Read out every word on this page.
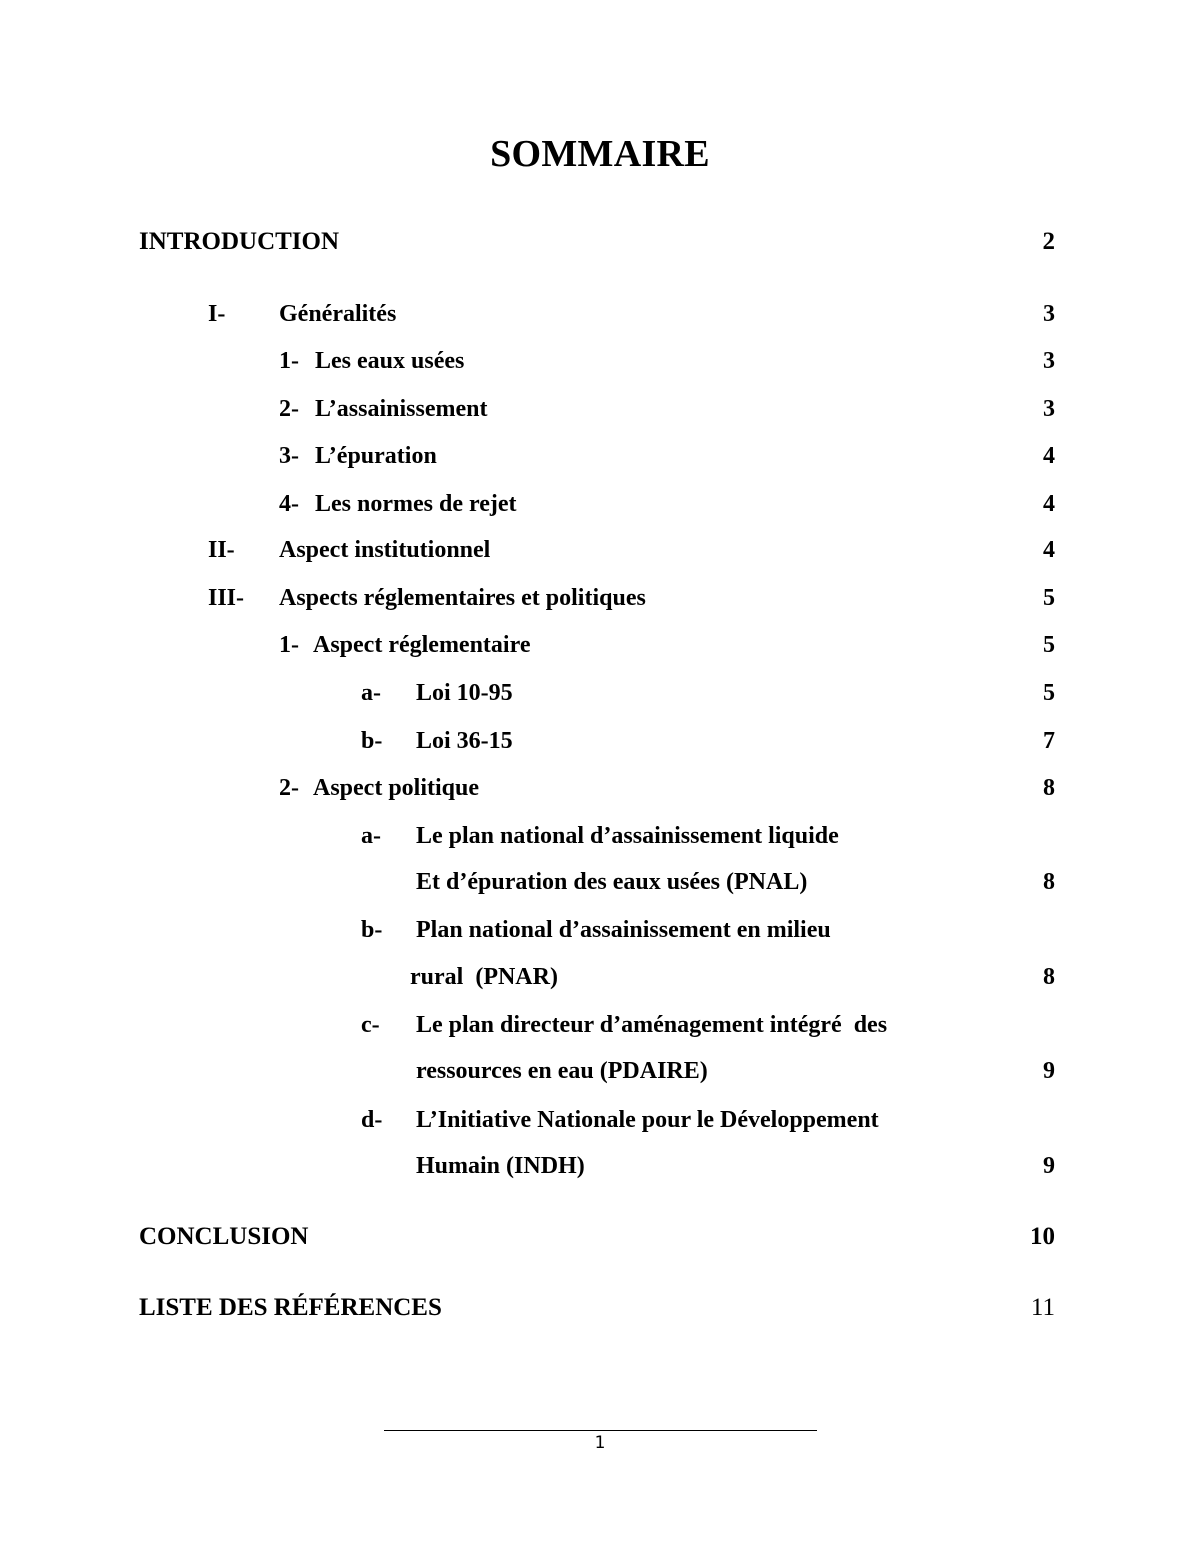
SOMMAIRE
INTRODUCTION	2
I- Généralités	3
1- Les eaux usées	3
2- L’assainissement	3
3- L’épuration	4
4- Les normes de rejet	4
II- Aspect institutionnel	4
III- Aspects réglementaires et politiques	5
1- Aspect réglementaire	5
a- Loi 10-95	5
b- Loi 36-15	7
2- Aspect politique	8
a- Le plan national d’assainissement liquide
Et d’épuration des eaux usées (PNAL)	8
b- Plan national d’assainissement en milieu
rural  (PNAR)	8
c- Le plan directeur d’aménagement intégré  des
ressources en eau (PDAIRE)	9
d- L’Initiative Nationale pour le Développement
Humain (INDH)	9
CONCLUSION	10
LISTE DES RÉFÉRENCES	11
1
